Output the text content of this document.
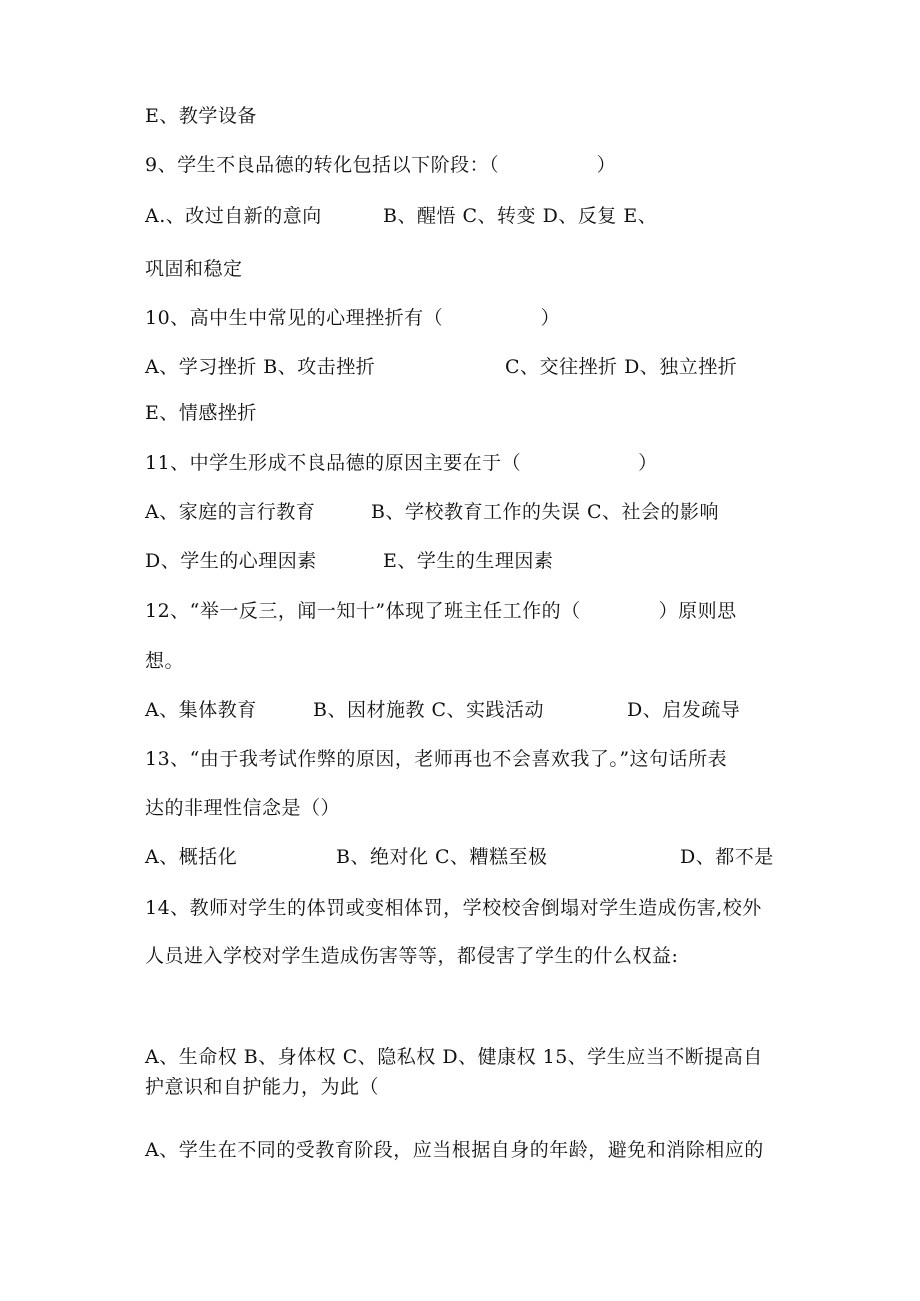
E、教学设备
9、学生不良品德的转化包括以下阶段：（　　　　　）
A.、改过自新的意向	B、醒悟 C、转变 D、反复 E、
巩固和稳定
10、高中生中常见的心理挫折有（　　　　　）
A、学习挫折 B、攻击挫折	C、交往挫折 D、独立挫折
E、情感挫折
11、中学生形成不良品德的原因主要在于（　　　　　　）
A、家庭的言行教育	B、学校教育工作的失误 C、社会的影响
D、学生的心理因素	E、学生的生理因素
12、“举一反三，闻一知十”体现了班主任工作的（　　　　）原则思
想。
A、集体教育	B、因材施教 C、实践活动	D、启发疏导
13、“由于我考试作弊的原因，老师再也不会喜欢我了。”这句话所表
达的非理性信念是（）
A、概括化	B、绝对化 C、糟糕至极	D、都不是
14、教师对学生的体罚或变相体罚，学校校舍倒塌对学生造成伤害,校外
人员进入学校对学生造成伤害等等，都侵害了学生的什么权益:
A、生命权 B、身体权 C、隐私权 D、健康权 15、学生应当不断提高自护意识和自护能力，为此（
A、学生在不同的受教育阶段，应当根据自身的年龄，避免和消除相应的
